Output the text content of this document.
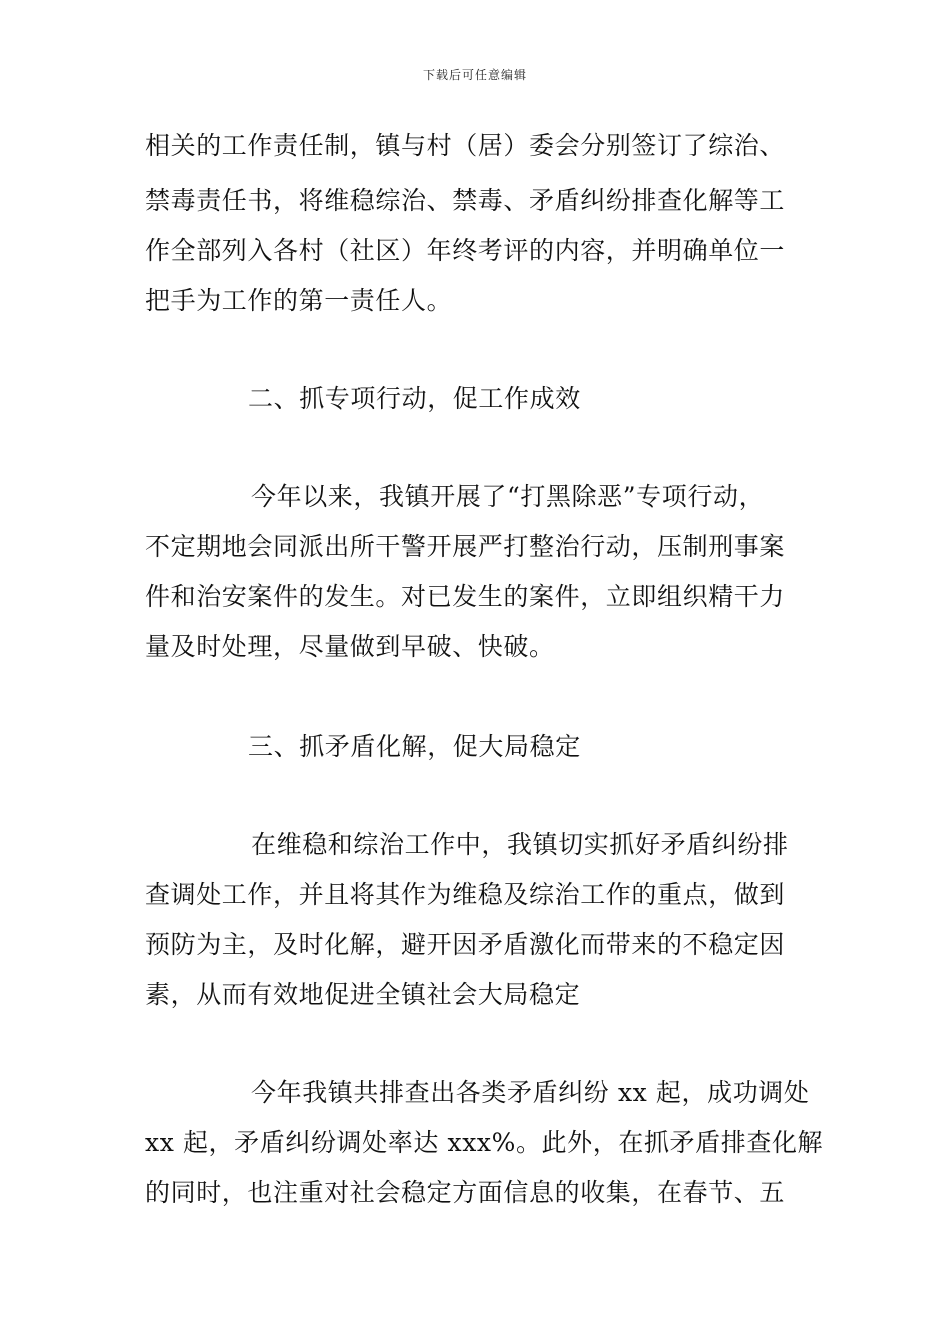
下载后可任意编辑
相关的工作责任制，镇与村（居）委会分别签订了综治、
禁毒责任书，将维稳综治、禁毒、矛盾纠纷排查化解等工
作全部列入各村（社区）年终考评的内容，并明确单位一
把手为工作的第一责任人。
二、抓专项行动，促工作成效
今年以来，我镇开展了“打黑除恶”专项行动，
不定期地会同派出所干警开展严打整治行动，压制刑事案
件和治安案件的发生。对已发生的案件，立即组织精干力
量及时处理，尽量做到早破、快破。
三、抓矛盾化解，促大局稳定
在维稳和综治工作中，我镇切实抓好矛盾纠纷排
查调处工作，并且将其作为维稳及综治工作的重点，做到
预防为主，及时化解，避开因矛盾激化而带来的不稳定因
素，从而有效地促进全镇社会大局稳定
今年我镇共排查出各类矛盾纠纷 xx 起，成功调处
xx 起，矛盾纠纷调处率达 xxx%。此外，在抓矛盾排查化解
的同时，也注重对社会稳定方面信息的收集，在春节、五
